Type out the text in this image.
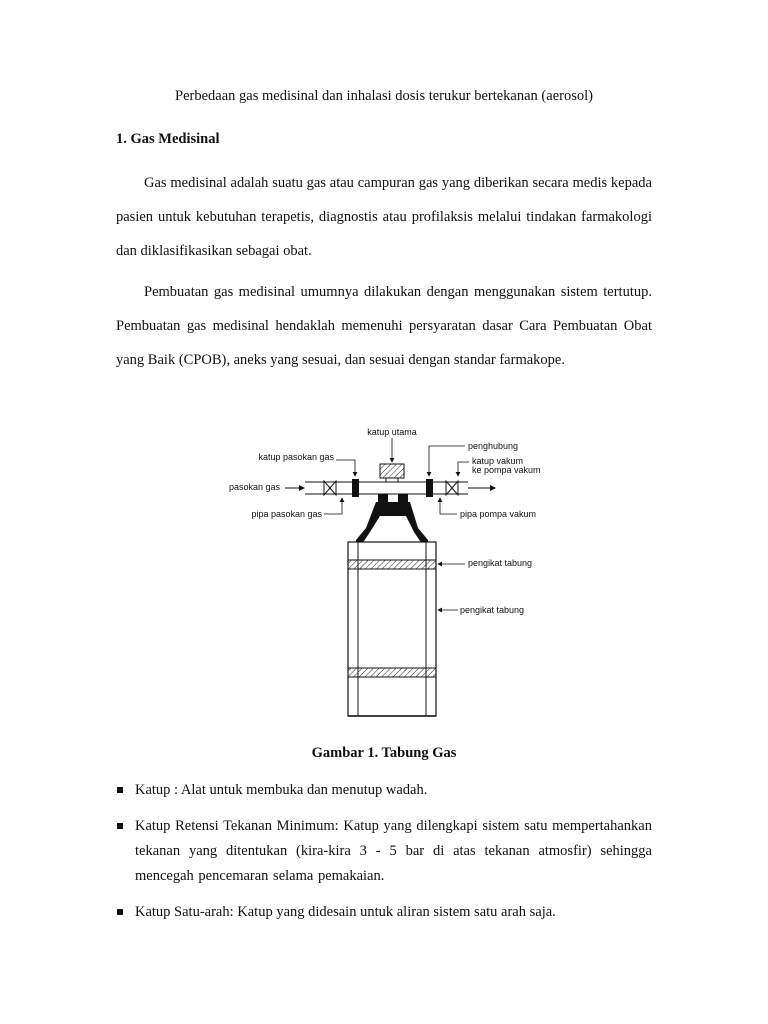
Perbedaan gas medisinal dan inhalasi dosis terukur bertekanan (aerosol)
1. Gas Medisinal

Gas medisinal adalah suatu gas atau campuran gas yang diberikan secara medis kepada pasien untuk kebutuhan terapetis, diagnostis atau profilaksis melalui tindakan farmakologi dan diklasifikasikan sebagai obat.

Pembuatan gas medisinal umumnya dilakukan dengan menggunakan sistem tertutup. Pembuatan gas medisinal hendaklah memenuhi persyaratan dasar Cara Pembuatan Obat yang Baik (CPOB), aneks yang sesuai, dan sesuai dengan standar farmakope.

katup utama
penghubung
katup pasokan gas	katup vakum
ke pompa vakum
pasokan gas
pipa pasokan gas	pipa pompa vakum
pengikat tabung
pengikat tabung
Gambar 1. Tabung Gas
Katup : Alat untuk membuka dan menutup wadah.
Katup Retensi Tekanan Minimum: Katup yang dilengkapi sistem satu mempertahankan tekanan yang ditentukan (kira-kira 3 - 5 bar di atas tekanan atmosfir) sehingga mencegah pencemaran selama pemakaian.
Katup Satu-arah: Katup yang didesain untuk aliran sistem satu arah saja.
